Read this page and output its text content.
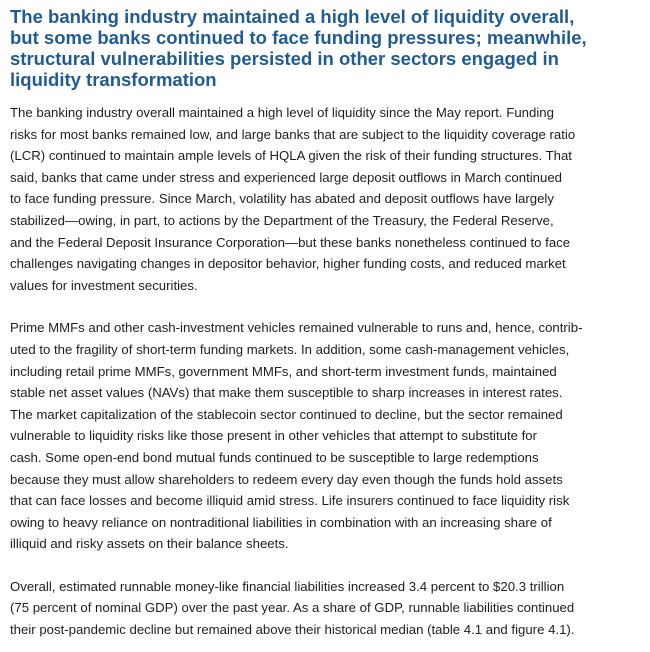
The banking industry maintained a high level of liquidity overall,
but some banks continued to face funding pressures; meanwhile,
structural vulnerabilities persisted in other sectors engaged in
liquidity transformation

The banking industry overall maintained a high level of liquidity since the May report. Funding
risks for most banks remained low, and large banks that are subject to the liquidity coverage ratio
(LCR) continued to maintain ample levels of HQLA given the risk of their funding structures. That
said, banks that came under stress and experienced large deposit outflows in March continued
to face funding pressure. Since March, volatility has abated and deposit outflows have largely
stabilized—owing, in part, to actions by the Department of the Treasury, the Federal Reserve,
and the Federal Deposit Insurance Corporation—but these banks nonetheless continued to face
challenges navigating changes in depositor behavior, higher funding costs, and reduced market
values for investment securities.

Prime MMFs and other cash-investment vehicles remained vulnerable to runs and, hence, contrib-
uted to the fragility of short-term funding markets. In addition, some cash-management vehicles,
including retail prime MMFs, government MMFs, and short-term investment funds, maintained
stable net asset values (NAVs) that make them susceptible to sharp increases in interest rates.
The market capitalization of the stablecoin sector continued to decline, but the sector remained
vulnerable to liquidity risks like those present in other vehicles that attempt to substitute for
cash. Some open-end bond mutual funds continued to be susceptible to large redemptions
because they must allow shareholders to redeem every day even though the funds hold assets
that can face losses and become illiquid amid stress. Life insurers continued to face liquidity risk
owing to heavy reliance on nontraditional liabilities in combination with an increasing share of
illiquid and risky assets on their balance sheets.

Overall, estimated runnable money-like financial liabilities increased 3.4 percent to $20.3 trillion
(75 percent of nominal GDP) over the past year. As a share of GDP, runnable liabilities continued
their post-pandemic decline but remained above their historical median (table 4.1 and figure 4.1).
